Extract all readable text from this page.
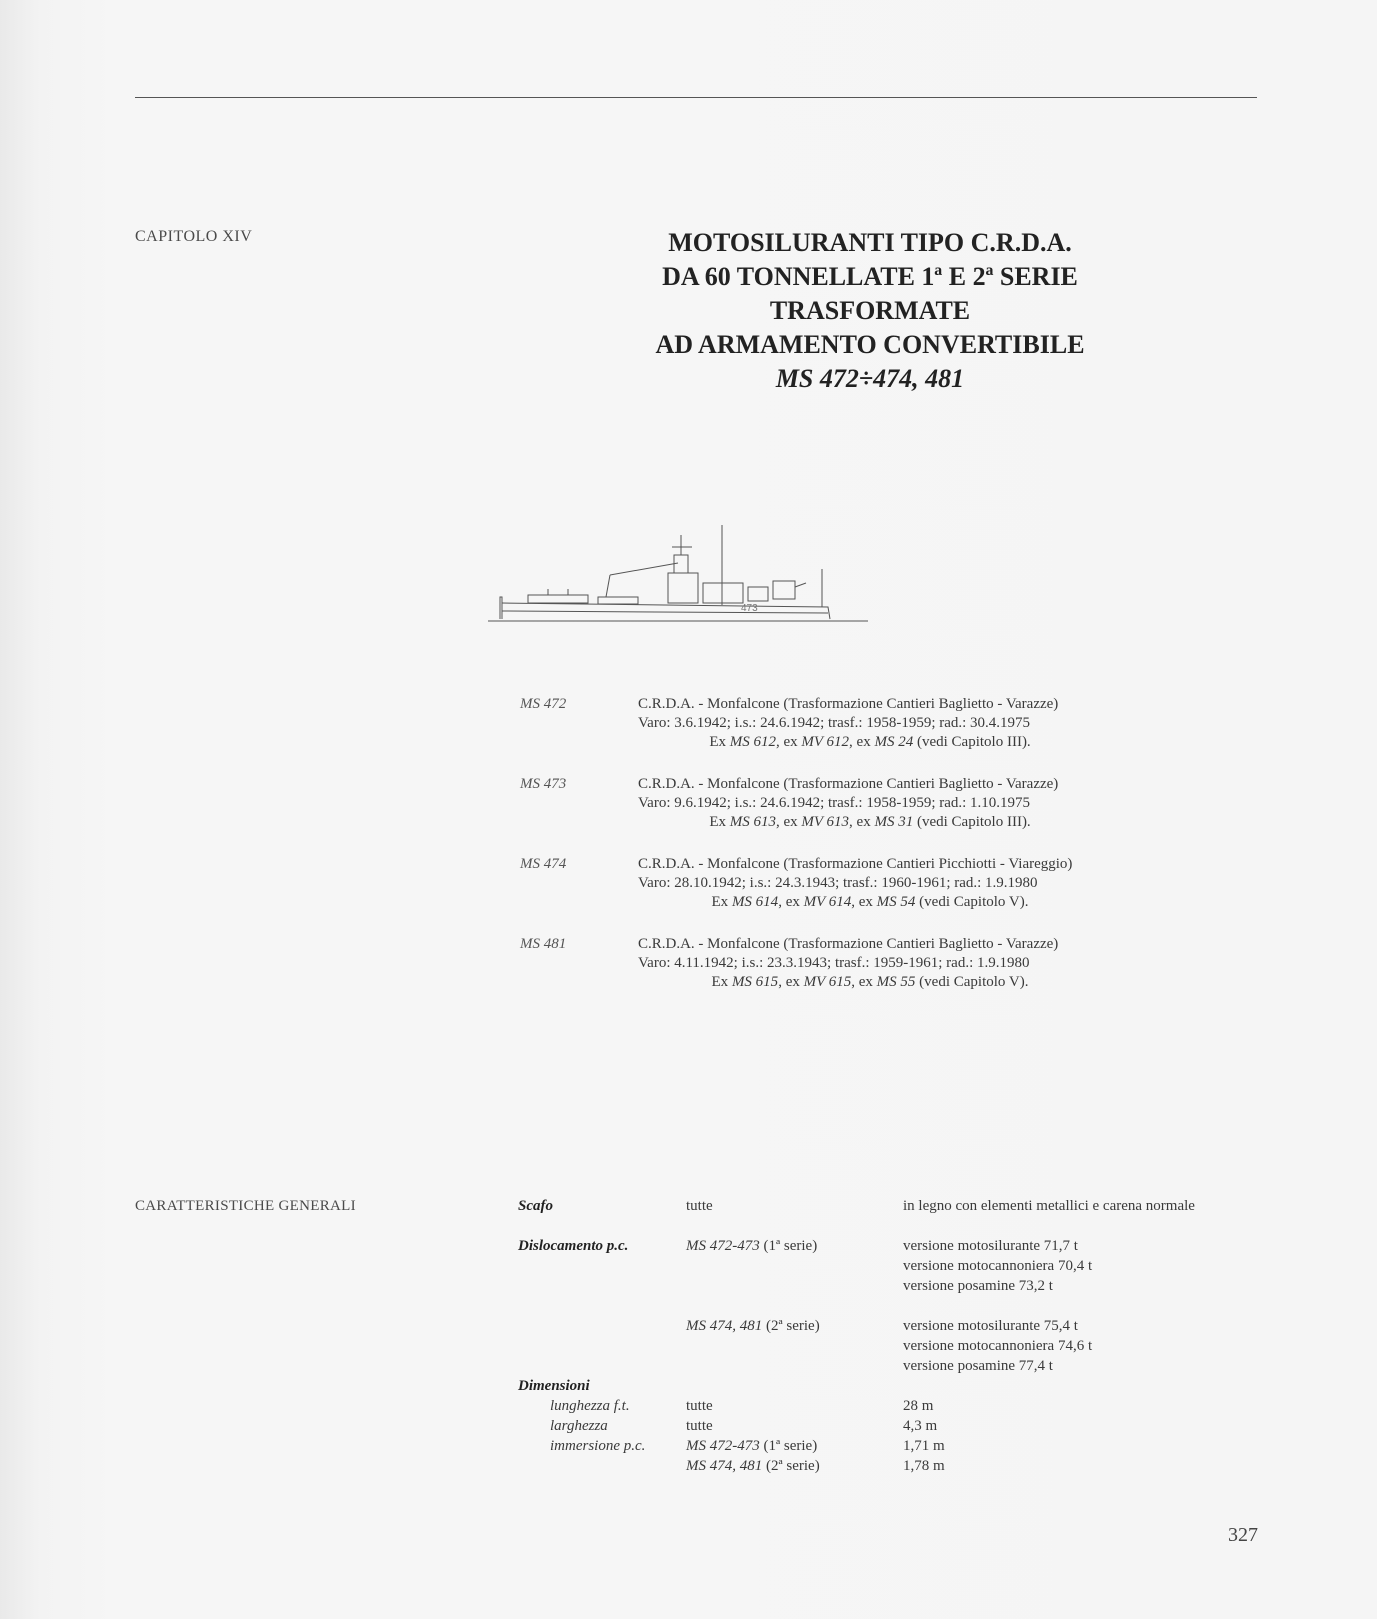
CAPITOLO XIV	MOTOSILURANTI TIPO C.R.D.A.
DA 60 TONNELLATE 1ª E 2ª SERIE
TRASFORMATE
AD ARMAMENTO CONVERTIBILE
MS 472÷474, 481
473
MS 472	C.R.D.A. - Monfalcone (Trasformazione Cantieri Baglietto - Varazze)
Varo: 3.6.1942; i.s.: 24.6.1942; trasf.: 1958-1959; rad.: 30.4.1975
Ex MS 612, ex MV 612, ex MS 24 (vedi Capitolo III).
MS 473	C.R.D.A. - Monfalcone (Trasformazione Cantieri Baglietto - Varazze)
Varo: 9.6.1942; i.s.: 24.6.1942; trasf.: 1958-1959; rad.: 1.10.1975
Ex MS 613, ex MV 613, ex MS 31 (vedi Capitolo III).
MS 474	C.R.D.A. - Monfalcone (Trasformazione Cantieri Picchiotti - Viareggio)
Varo: 28.10.1942; i.s.: 24.3.1943; trasf.: 1960-1961; rad.: 1.9.1980
Ex MS 614, ex MV 614, ex MS 54 (vedi Capitolo V).
MS 481	C.R.D.A. - Monfalcone (Trasformazione Cantieri Baglietto - Varazze)
Varo: 4.11.1942; i.s.: 23.3.1943; trasf.: 1959-1961; rad.: 1.9.1980
Ex MS 615, ex MV 615, ex MS 55 (vedi Capitolo V).
CARATTERISTICHE GENERALI	Scafo	tutte	in legno con elementi metallici e carena normale
Dislocamento p.c.	MS 472-473 (1ª serie)	versione motosilurante 71,7 t
versione motocannoniera 70,4 t
versione posamine 73,2 t
MS 474, 481 (2ª serie)	versione motosilurante 75,4 t
versione motocannoniera 74,6 t
versione posamine 77,4 t
Dimensioni
lunghezza f.t.	tutte	28 m
larghezza	tutte	4,3 m
immersione p.c.	MS 472-473 (1ª serie)	1,71 m
MS 474, 481 (2ª serie)	1,78 m
327
